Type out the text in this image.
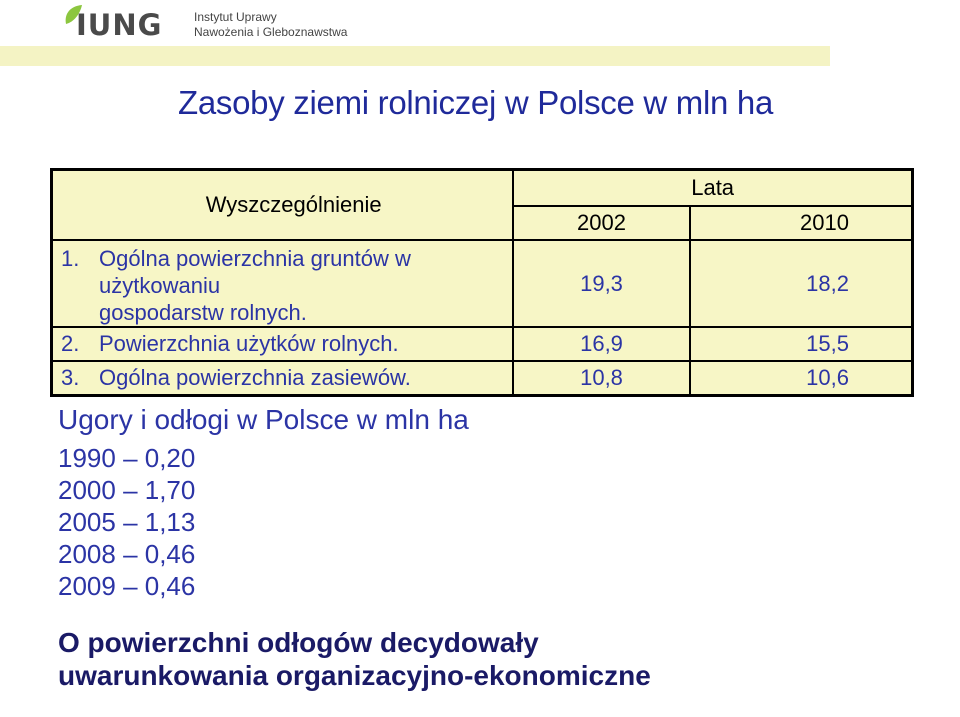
IUNG	Instytut Uprawy
Nawożenia i Gleboznawstwa
Zasoby ziemi rolniczej w Polsce w mln ha
Wyszczególnienie	Lata	
	2002	2010

1. Ogólna powierzchnia gruntów w użytkowaniu
gospodarstw rolnych.	19,3	18,2

2. Powierzchnia użytków rolnych.	16,9	15,5

3. Ogólna powierzchnia zasiewów.	10,8	10,6
Ugory i odłogi w Polsce w mln ha
1990 – 0,20
2000 – 1,70
2005 – 1,13
2008 – 0,46
2009 – 0,46
O powierzchni odłogów decydowały
uwarunkowania organizacyjno-ekonomiczne
